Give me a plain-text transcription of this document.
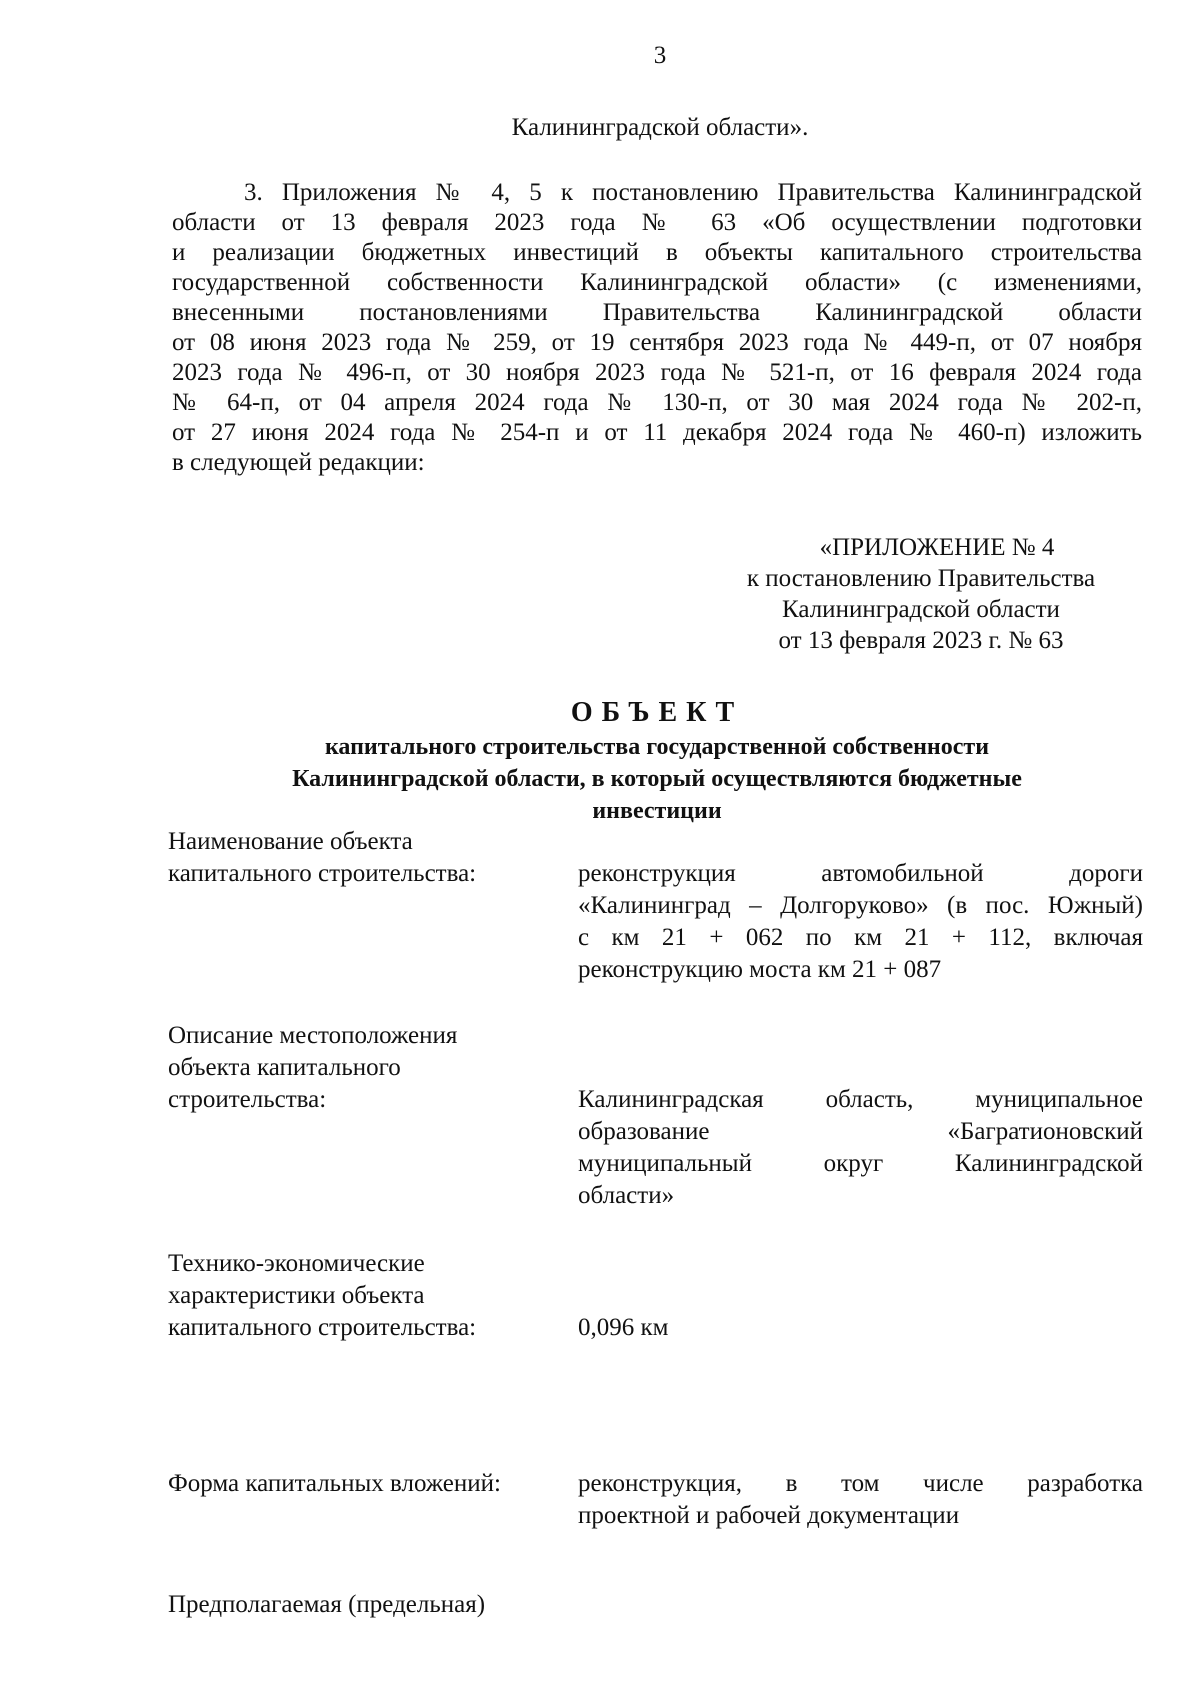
3
Калининградской области».
3. Приложения № 4, 5 к постановлению Правительства Калининградской
области от 13 февраля 2023 года № 63 «Об осуществлении подготовки
и реализации бюджетных инвестиций в объекты капитального строительства
государственной собственности Калининградской области» (с изменениями,
внесенными постановлениями Правительства Калининградской области
от 08 июня 2023 года № 259, от 19 сентября 2023 года № 449-п, от 07 ноября
2023 года № 496-п, от 30 ноября 2023 года № 521-п, от 16 февраля 2024 года
№ 64-п, от 04 апреля 2024 года № 130-п, от 30 мая 2024 года № 202-п,
от 27 июня 2024 года № 254-п и от 11 декабря 2024 года № 460-п) изложить
в следующей редакции:
«ПРИЛОЖЕНИЕ № 4
к постановлению Правительства
Калининградской области
от 13 февраля 2023 г. № 63
ОБЪЕКТ
капитального строительства государственной собственности
Калининградской области, в который осуществляются бюджетные
инвестиции
Наименование объекта
капитального строительства:	реконструкция автомобильной дороги
«Калининград – Долгоруково» (в пос. Южный)
с км 21 + 062 по км 21 + 112, включая
реконструкцию моста км 21 + 087
Описание местоположения
объекта капитального
строительства:	Калининградская область, муниципальное
образование «Багратионовский
муниципальный округ Калининградской
области»
Технико-экономические
характеристики объекта
капитального строительства:	0,096 км
Форма капитальных вложений:	реконструкция, в том числе разработка
проектной и рабочей документации
Предполагаемая (предельная)
